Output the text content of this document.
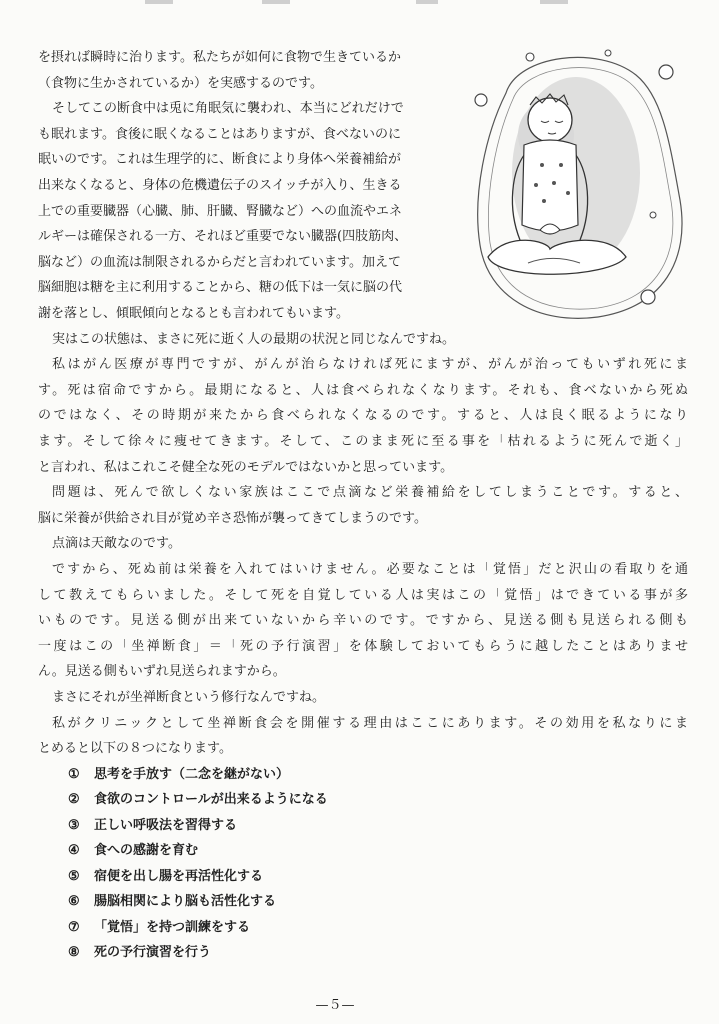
を摂れば瞬時に治ります。私たちが如何に食物で生きているか

（食物に生かされているか）を実感するのです。

そしてこの断食中は兎に角眠気に襲われ、本当にどれだけで

も眠れます。食後に眠くなることはありますが、食べないのに

眠いのです。これは生理学的に、断食により身体へ栄養補給が

出来なくなると、身体の危機遺伝子のスイッチが入り、生きる

上での重要臓器（心臓、肺、肝臓、腎臓など）への血流やエネ

ルギーは確保される一方、それほど重要でない臓器(四肢筋肉、

脳など）の血流は制限されるからだと言われています。加えて

脳細胞は糖を主に利用することから、糖の低下は一気に脳の代

謝を落とし、傾眠傾向となるとも言われてもいます。

実はこの状態は、まさに死に逝く人の最期の状況と同じなんですね。

私はがん医療が専門ですが、がんが治らなければ死にますが、がんが治ってもいずれ死にま

す。死は宿命ですから。最期になると、人は食べられなくなります。それも、食べないから死ぬ

のではなく、その時期が来たから食べられなくなるのです。すると、人は良く眠るようになり

ます。そして徐々に痩せてきます。そして、このまま死に至る事を「枯れるように死んで逝く」

と言われ、私はこれこそ健全な死のモデルではないかと思っています。

問題は、死んで欲しくない家族はここで点滴など栄養補給をしてしまうことです。すると、

脳に栄養が供給され目が覚め辛さ恐怖が襲ってきてしまうのです。

点滴は天敵なのです。

ですから、死ぬ前は栄養を入れてはいけません。必要なことは「覚悟」だと沢山の看取りを通

して教えてもらいました。そして死を自覚している人は実はこの「覚悟」はできている事が多

いものです。見送る側が出来ていないから辛いのです。ですから、見送る側も見送られる側も

一度はこの「坐禅断食」＝「死の予行演習」を体験しておいてもらうに越したことはありませ

ん。見送る側もいずれ見送られますから。

まさにそれが坐禅断食という修行なんですね。

私がクリニックとして坐禅断食会を開催する理由はここにあります。その効用を私なりにま

とめると以下の８つになります。

① 思考を手放す（二念を継がない）

② 食欲のコントロールが出来るようになる

③ 正しい呼吸法を習得する

④ 食への感謝を育む

⑤ 宿便を出し腸を再活性化する

⑥ 腸脳相関により脳も活性化する

⑦ 「覚悟」を持つ訓練をする

⑧ 死の予行演習を行う

—５—
